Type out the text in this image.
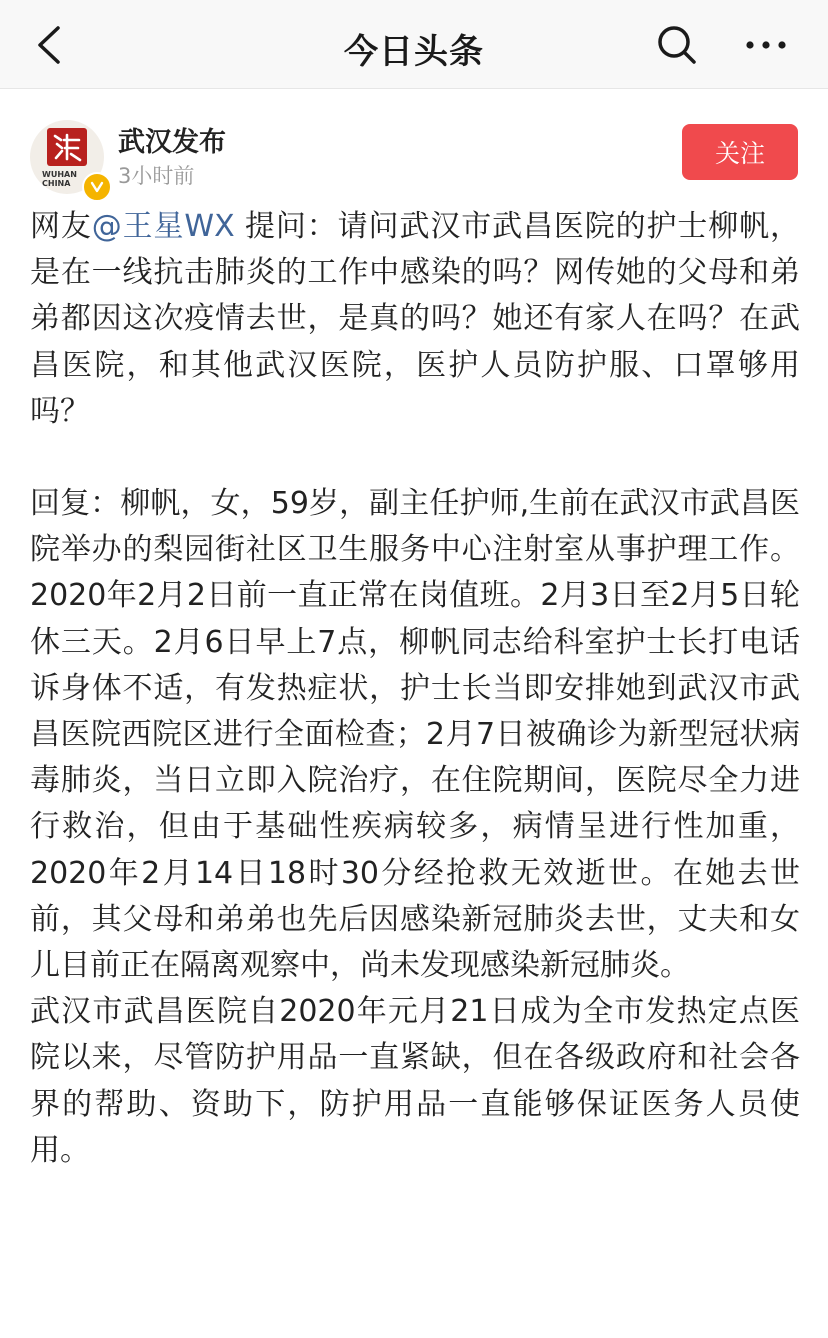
今日头条
WUHAN
CHINA
武汉发布
3小时前
关注

网友@王星WX 提问：请问武汉市武昌医院的护士柳帆，是在一线抗击肺炎的工作中感染的吗？网传她的父母和弟弟都因这次疫情去世，是真的吗？她还有家人在吗？在武昌医院，和其他武汉医院，医护人员防护服、口罩够用吗？

回复：柳帆，女，59岁，副主任护师,生前在武汉市武昌医院举办的梨园街社区卫生服务中心注射室从事护理工作。2020年2月2日前一直正常在岗值班。2月3日至2月5日轮休三天。2月6日早上7点，柳帆同志给科室护士长打电话诉身体不适，有发热症状，护士长当即安排她到武汉市武昌医院西院区进行全面检查；2月7日被确诊为新型冠状病毒肺炎，当日立即入院治疗，在住院期间，医院尽全力进行救治，但由于基础性疾病较多，病情呈进行性加重，2020年2月14日18时30分经抢救无效逝世。在她去世前，其父母和弟弟也先后因感染新冠肺炎去世，丈夫和女儿目前正在隔离观察中，尚未发现感染新冠肺炎。

武汉市武昌医院自2020年元月21日成为全市发热定点医院以来，尽管防护用品一直紧缺，但在各级政府和社会各界的帮助、资助下，防护用品一直能够保证医务人员使用。
